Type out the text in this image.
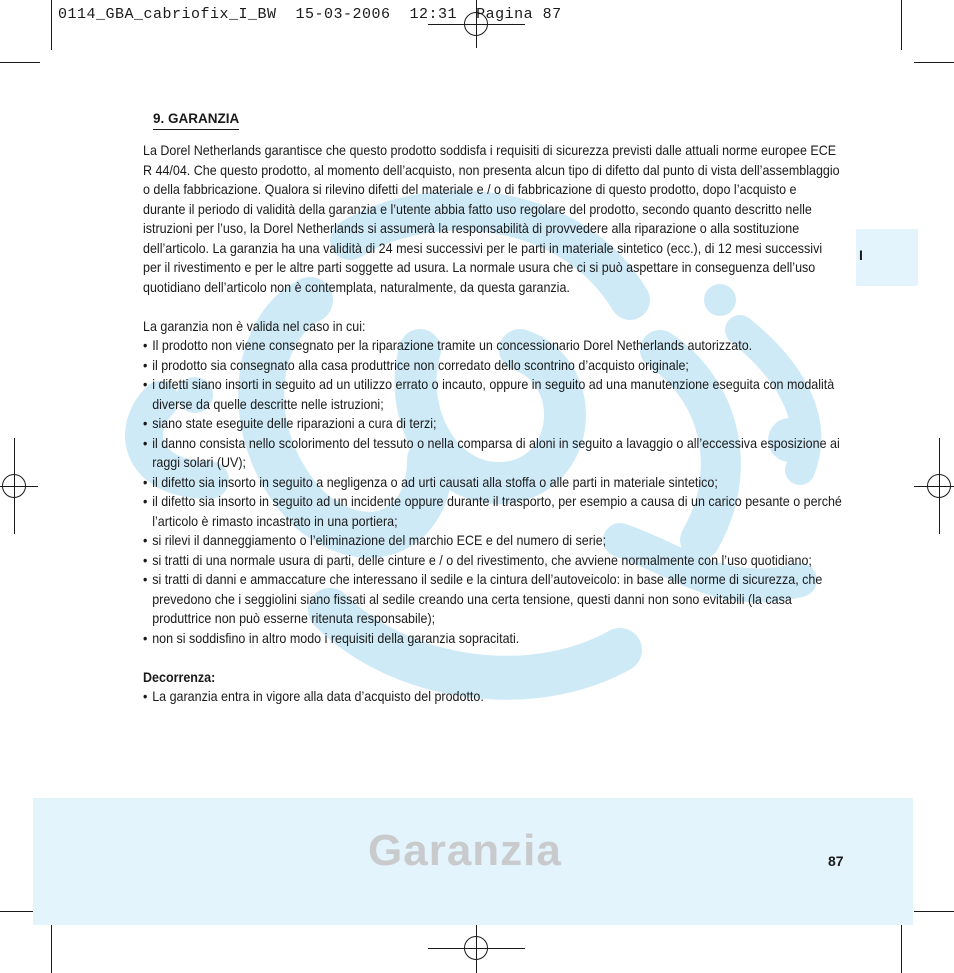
0114_GBA_cabriofix_I_BW  15-03-2006  12:31  Pagina 87
I
9. GARANZIA

La Dorel Netherlands garantisce che questo prodotto soddisfa i requisiti di sicurezza previsti dalle attuali norme europee ECE R 44/04. Che questo prodotto, al momento dell’acquisto, non presenta alcun tipo di difetto dal punto di vista dell’assemblaggio o della fabbricazione. Qualora si rilevino difetti del materiale e / o di fabbricazione di questo prodotto, dopo l’acquisto e durante il periodo di validità della garanzia e l’utente abbia fatto uso regolare del prodotto, secondo quanto descritto nelle istruzioni per l’uso, la Dorel Netherlands si assumerà la responsabilità di provvedere alla riparazione o alla sostituzione dell’articolo. La garanzia ha una validità di 24 mesi successivi per le parti in materiale sintetico (ecc.), di 12 mesi successivi per il rivestimento e per le altre parti soggette ad usura. La normale usura che ci si può aspettare in conseguenza dell’uso quotidiano dell’articolo non è contemplata, naturalmente, da questa garanzia.

La garanzia non è valida nel caso in cui:

• Il prodotto non viene consegnato per la riparazione tramite un concessionario Dorel Netherlands autorizzato.
• il prodotto sia consegnato alla casa produttrice non corredato dello scontrino d’acquisto originale;
• i difetti siano insorti in seguito ad un utilizzo errato o incauto, oppure in seguito ad una manutenzione eseguita con modalità diverse da quelle descritte nelle istruzioni;
• siano state eseguite delle riparazioni a cura di terzi;
• il danno consista nello scolorimento del tessuto o nella comparsa di aloni in seguito a lavaggio o all’eccessiva esposizione ai raggi solari (UV);
• il difetto sia insorto in seguito a negligenza o ad urti causati alla stoffa o alle parti in materiale sintetico;
• il difetto sia insorto in seguito ad un incidente oppure durante il trasporto, per esempio a causa di un carico pesante o perché l’articolo è rimasto incastrato in una portiera;
• si rilevi il danneggiamento o l’eliminazione del marchio ECE e del numero di serie;
• si tratti di una normale usura di parti, delle cinture e / o del rivestimento, che avviene normalmente con l’uso quotidiano;
• si tratti di danni e ammaccature che interessano il sedile e la cintura dell’autoveicolo: in base alle norme di sicurezza, che prevedono che i seggiolini siano fissati al sedile creando una certa tensione, questi danni non sono evitabili (la casa produttrice non può esserne ritenuta responsabile);
• non si soddisfino in altro modo i requisiti della garanzia sopracitati.

Decorrenza:

• La garanzia entra in vigore alla data d’acquisto del prodotto.
Garanzia	87
